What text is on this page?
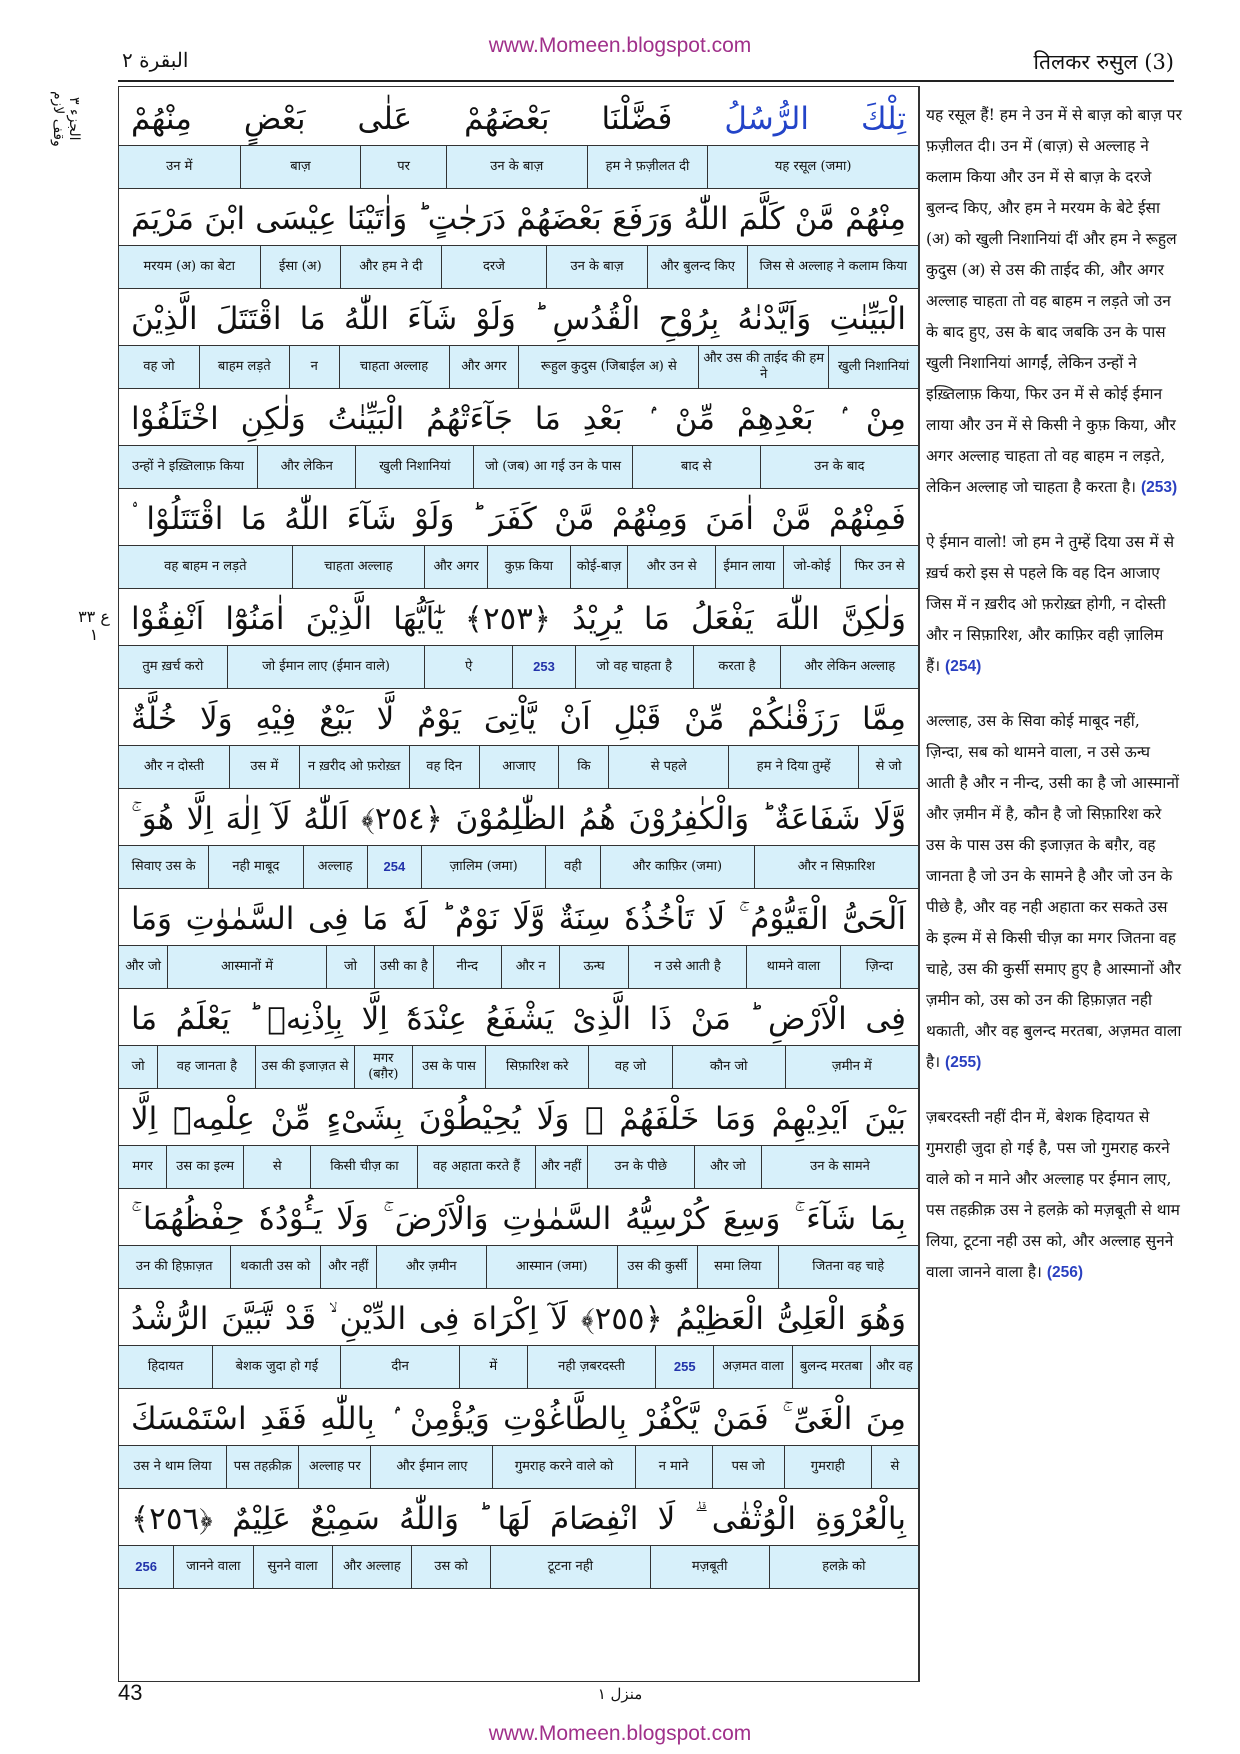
www.Momeen.blogspot.com
البقرة ٢	तिलकर रुसुल (3)
الجزء ٣ وقف لازم
ع ٣٣ ١
تِلْكَ الرُّسُلُ فَضَّلْنَا بَعْضَهُمْ عَلٰى بَعْضٍ مِنْهُمْ
यह रसूल (जमा)
हम ने फ़ज़ीलत दी
उन के बाज़
पर
बाज़
उन में
مِنْهُمْ مَّنْ كَلَّمَ اللّٰهُ وَرَفَعَ بَعْضَهُمْ دَرَجٰتٍ ؕ وَاٰتَيْنَا عِيْسَى ابْنَ مَرْيَمَ
जिस से अल्लाह ने कलाम किया
और बुलन्द किए
उन के बाज़
दरजे
और हम ने दी
ईसा (अ)
मरयम (अ) का बेटा
الْبَيِّنٰتِ وَاَيَّدْنٰهُ بِرُوْحِ الْقُدُسِ ؕ وَلَوْ شَآءَ اللّٰهُ مَا اقْتَتَلَ الَّذِيْنَ
खुली निशानियां
और उस की ताईद की हम ने
रूहुल कुदुस (जिबाईल अ) से
और अगर
चाहता अल्लाह
न
बाहम लड़ते
वह जो
مِنْ ۢ بَعْدِهِمْ مِّنْ ۢ بَعْدِ مَا جَآءَتْهُمُ الْبَيِّنٰتُ وَلٰكِنِ اخْتَلَفُوْا
उन के बाद
बाद से
जो (जब) आ गई उन के पास
खुली निशानियां
और लेकिन
उन्हों ने इख़्तिलाफ़ किया
فَمِنْهُمْ مَّنْ اٰمَنَ وَمِنْهُمْ مَّنْ كَفَرَ ؕ وَلَوْ شَآءَ اللّٰهُ مَا اقْتَتَلُوْا ۟
फिर उन से
जो-कोई
ईमान लाया
और उन से
कोई-बाज़
कुफ़ किया
और अगर
चाहता अल्लाह
वह बाहम न लड़ते
وَلٰكِنَّ اللّٰهَ يَفْعَلُ مَا يُرِيْدُ ﴿٢٥٣﴾ يٰٓاَيُّهَا الَّذِيْنَ اٰمَنُوْٓا اَنْفِقُوْا
और लेकिन अल्लाह
करता है
जो वह चाहता है
253
ऐ
जो ईमान लाए (ईमान वाले)
तुम ख़र्च करो
مِمَّا رَزَقْنٰكُمْ مِّنْ قَبْلِ اَنْ يَّاْتِىَ يَوْمٌ لَّا بَيْعٌ فِيْهِ وَلَا خُلَّةٌ
से जो
हम ने दिया तुम्हें
से पहले
कि
आजाए
वह दिन
न ख़रीद ओ फ़रोख़्त
उस में
और न दोस्ती
وَّلَا شَفَاعَةٌ ؕ وَالْكٰفِرُوْنَ هُمُ الظّٰلِمُوْنَ ﴿٢٥٤﴾ اَللّٰهُ لَآ اِلٰهَ اِلَّا هُوَ ۚ
और न सिफ़ारिश
और काफ़िर (जमा)
वही
ज़ालिम (जमा)
254
अल्लाह
नही माबूद
सिवाए उस के
اَلْحَىُّ الْقَيُّوْمُ ۚ لَا تَاْخُذُهٗ سِنَةٌ وَّلَا نَوْمٌ ؕ لَهٗ مَا فِى السَّمٰوٰتِ وَمَا
ज़िन्दा
थामने वाला
न उसे आती है
ऊन्घ
और न
नीन्द
उसी का है
जो
आस्मानों में
और जो
فِى الْاَرْضِ ؕ مَنْ ذَا الَّذِىْ يَشْفَعُ عِنْدَهٗٓ اِلَّا بِاِذْنِهٖ ؕ يَعْلَمُ مَا
ज़मीन में
कौन जो
वह जो
सिफ़ारिश करे
उस के पास
मगर (बग़ैर)
उस की इजाज़त से
वह जानता है
जो
بَيْنَ اَيْدِيْهِمْ وَمَا خَلْفَهُمْ ۚ وَلَا يُحِيْطُوْنَ بِشَىْءٍ مِّنْ عِلْمِهٖٓ اِلَّا
उन के सामने
और जो
उन के पीछे
और नहीं
वह अहाता करते हैं
किसी चीज़ का
से
उस का इल्म
मगर
بِمَا شَآءَ ۚ وَسِعَ كُرْسِيُّهُ السَّمٰوٰتِ وَالْاَرْضَ ۚ وَلَا يَـُٔوْدُهٗ حِفْظُهُمَا ۚ
जितना वह चाहे
समा लिया
उस की कुर्सी
आस्मान (जमा)
और ज़मीन
और नहीं
थकाती उस को
उन की हिफ़ाज़त
وَهُوَ الْعَلِىُّ الْعَظِيْمُ ﴿٢٥٥﴾ لَآ اِكْرَاهَ فِى الدِّيْنِ ۙ قَدْ تَّبَيَّنَ الرُّشْدُ
और वह
बुलन्द मरतबा
अज़मत वाला
255
नही ज़बरदस्ती
में
दीन
बेशक जुदा हो गई
हिदायत
مِنَ الْغَىِّ ۚ فَمَنْ يَّكْفُرْ بِالطَّاغُوْتِ وَيُؤْمِنْ ۢ بِاللّٰهِ فَقَدِ اسْتَمْسَكَ
से
गुमराही
पस जो
न माने
गुमराह करने वाले को
और ईमान लाए
अल्लाह पर
पस तहक़ीक़
उस ने थाम लिया
بِالْعُرْوَةِ الْوُثْقٰى ۗ لَا انْفِصَامَ لَهَا ؕ وَاللّٰهُ سَمِيْعٌ عَلِيْمٌ ﴿٢٥٦﴾
हलक़े को
मज़बूती
टूटना नही
उस को
और अल्लाह
सुनने वाला
जानने वाला
256

यह रसूल हैं! हम ने उन में से बाज़ को बाज़ पर फ़ज़ीलत दी। उन में (बाज़) से अल्लाह ने कलाम किया और उन में से बाज़ के दरजे बुलन्द किए, और हम ने मरयम के बेटे ईसा (अ) को खुली निशानियां दीं और हम ने रूहुल कुदुस (अ) से उस की ताईद की, और अगर अल्लाह चाहता तो वह बाहम न लड़ते जो उन के बाद हुए, उस के बाद जबकि उन के पास खुली निशानियां आगईं, लेकिन उन्हों ने इख़्तिलाफ़ किया, फिर उन में से कोई ईमान लाया और उन में से किसी ने कुफ़ किया, और अगर अल्लाह चाहता तो वह बाहम न लड़ते, लेकिन अल्लाह जो चाहता है करता है। (253)

ऐ ईमान वालो! जो हम ने तुम्हें दिया उस में से ख़र्च करो इस से पहले कि वह दिन आजाए जिस में न ख़रीद ओ फ़रोख़्त होगी, न दोस्ती और न सिफ़ारिश, और काफ़िर वही ज़ालिम हैं। (254)

अल्लाह, उस के सिवा कोई माबूद नहीं, ज़िन्दा, सब को थामने वाला, न उसे ऊन्घ आती है और न नीन्द, उसी का है जो आस्मानों और ज़मीन में है, कौन है जो सिफ़ारिश करे उस के पास उस की इजाज़त के बग़ैर, वह जानता है जो उन के सामने है और जो उन के पीछे है, और वह नही अहाता कर सकते उस के इल्म में से किसी चीज़ का मगर जितना वह चाहे, उस की कुर्सी समाए हुए है आस्मानों और ज़मीन को, उस को उन की हिफ़ाज़त नही थकाती, और वह बुलन्द मरतबा, अज़मत वाला है। (255)

ज़बरदस्ती नहीं दीन में, बेशक हिदायत से गुमराही जुदा हो गई है, पस जो गुमराह करने वाले को न माने और अल्लाह पर ईमान लाए, पस तहक़ीक़ उस ने हलक़े को मज़बूती से थाम लिया, टूटना नही उस को, और अल्लाह सुनने वाला जानने वाला है। (256)

43	منزل ١
www.Momeen.blogspot.com
